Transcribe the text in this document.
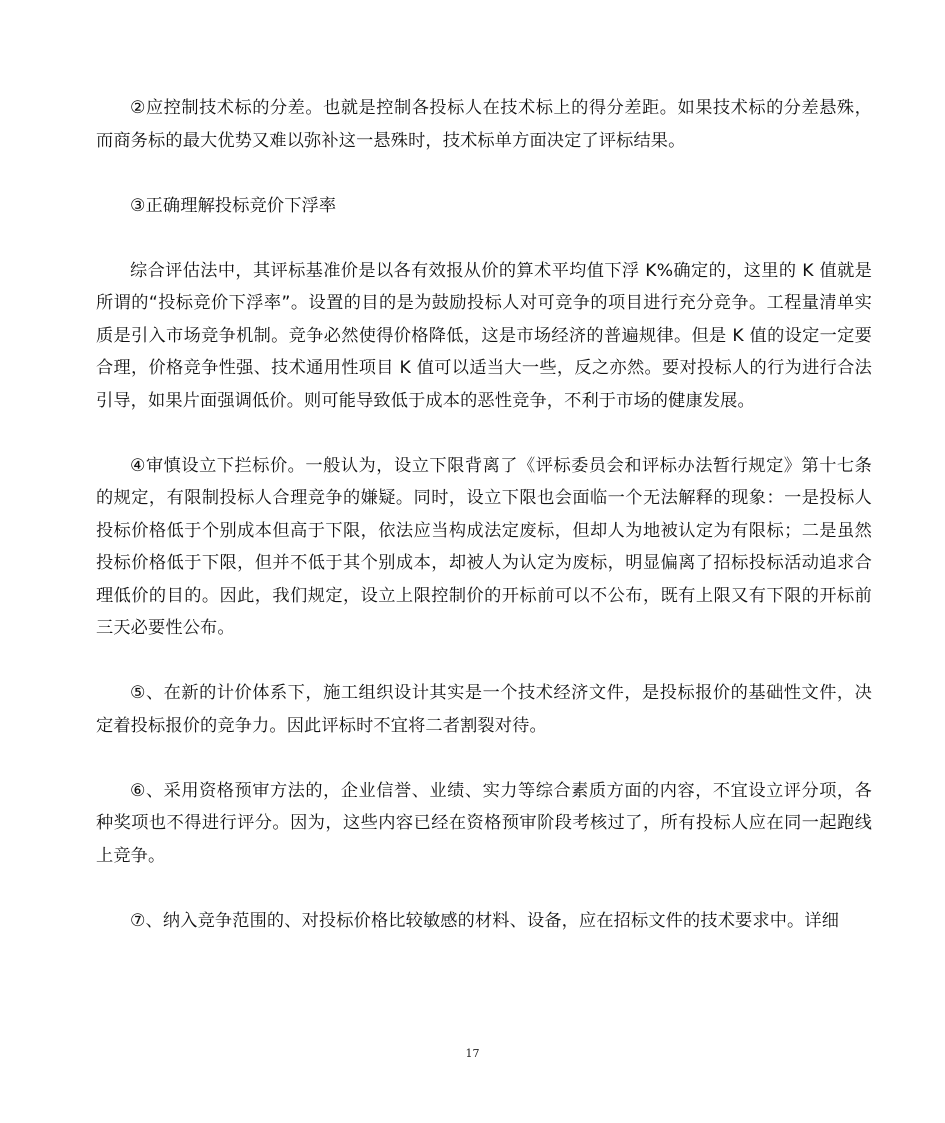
②应控制技术标的分差。也就是控制各投标人在技术标上的得分差距。如果技术标的分差悬殊，而商务标的最大优势又难以弥补这一悬殊时，技术标单方面决定了评标结果。

③正确理解投标竞价下浮率

综合评估法中，其评标基准价是以各有效报从价的算术平均值下浮 K%确定的，这里的 K 值就是所谓的“投标竞价下浮率”。设置的目的是为鼓励投标人对可竞争的项目进行充分竞争。工程量清单实质是引入市场竞争机制。竞争必然使得价格降低，这是市场经济的普遍规律。但是 K 值的设定一定要合理，价格竞争性强、技术通用性项目 K 值可以适当大一些，反之亦然。要对投标人的行为进行合法引导，如果片面强调低价。则可能导致低于成本的恶性竞争，不利于市场的健康发展。

④审慎设立下拦标价。一般认为，设立下限背离了《评标委员会和评标办法暂行规定》第十七条的规定，有限制投标人合理竞争的嫌疑。同时，设立下限也会面临一个无法解释的现象：一是投标人投标价格低于个别成本但高于下限，依法应当构成法定废标，但却人为地被认定为有限标；二是虽然投标价格低于下限，但并不低于其个别成本，却被人为认定为废标，明显偏离了招标投标活动追求合理低价的目的。因此，我们规定，设立上限控制价的开标前可以不公布，既有上限又有下限的开标前三天必要性公布。

⑤、在新的计价体系下，施工组织设计其实是一个技术经济文件，是投标报价的基础性文件，决定着投标报价的竞争力。因此评标时不宜将二者割裂对待。

⑥、采用资格预审方法的，企业信誉、业绩、实力等综合素质方面的内容，不宜设立评分项，各种奖项也不得进行评分。因为，这些内容已经在资格预审阶段考核过了，所有投标人应在同一起跑线上竞争。

⑦、纳入竞争范围的、对投标价格比较敏感的材料、设备，应在招标文件的技术要求中。详细

17
